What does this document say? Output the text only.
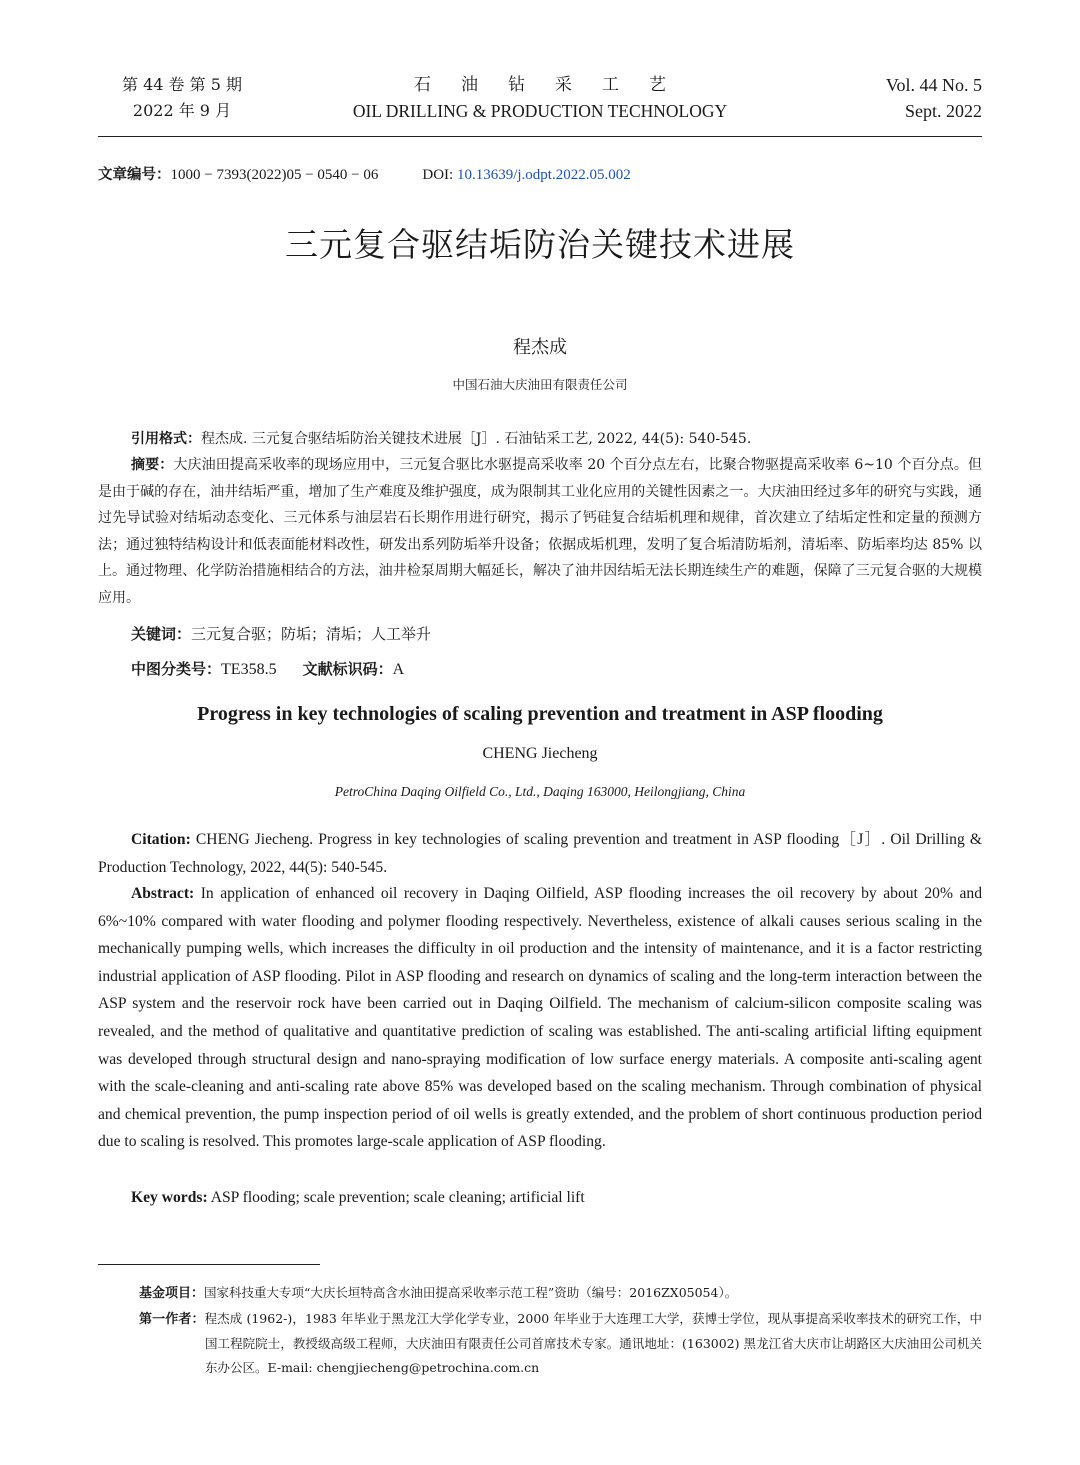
第 44 卷 第 5 期
2022 年 9 月
石油钻采工艺
OIL DRILLING & PRODUCTION TECHNOLOGY
Vol. 44 No. 5
Sept. 2022
文章编号：1000 − 7393(2022)05 − 0540 − 06	DOI: 10.13639/j.odpt.2022.05.002
三元复合驱结垢防治关键技术进展
程杰成
中国石油大庆油田有限责任公司
引用格式：程杰成. 三元复合驱结垢防治关键技术进展［J］. 石油钻采工艺, 2022, 44(5): 540-545.
摘要：大庆油田提高采收率的现场应用中，三元复合驱比水驱提高采收率 20 个百分点左右，比聚合物驱提高采收率 6~10 个百分点。但是由于碱的存在，油井结垢严重，增加了生产难度及维护强度，成为限制其工业化应用的关键性因素之一。大庆油田经过多年的研究与实践，通过先导试验对结垢动态变化、三元体系与油层岩石长期作用进行研究，揭示了钙硅复合结垢机理和规律，首次建立了结垢定性和定量的预测方法；通过独特结构设计和低表面能材料改性，研发出系列防垢举升设备；依据成垢机理，发明了复合垢清防垢剂，清垢率、防垢率均达 85% 以上。通过物理、化学防治措施相结合的方法，油井检泵周期大幅延长，解决了油井因结垢无法长期连续生产的难题，保障了三元复合驱的大规模应用。
关键词：三元复合驱；防垢；清垢；人工举升
中图分类号：TE358.5 文献标识码：A
Progress in key technologies of scaling prevention and treatment in ASP flooding
CHENG Jiecheng
PetroChina Daqing Oilfield Co., Ltd., Daqing 163000, Heilongjiang, China
Citation: CHENG Jiecheng. Progress in key technologies of scaling prevention and treatment in ASP flooding［J］. Oil Drilling & Production Technology, 2022, 44(5): 540-545.
Abstract: In application of enhanced oil recovery in Daqing Oilfield, ASP flooding increases the oil recovery by about 20% and 6%~10% compared with water flooding and polymer flooding respectively. Nevertheless, existence of alkali causes serious scaling in the mechanically pumping wells, which increases the difficulty in oil production and the intensity of maintenance, and it is a factor restricting industrial application of ASP flooding. Pilot in ASP flooding and research on dynamics of scaling and the long-term interaction between the ASP system and the reservoir rock have been carried out in Daqing Oilfield. The mechanism of calcium-silicon composite scaling was revealed, and the method of qualitative and quantitative prediction of scaling was established. The anti-scaling artificial lifting equipment was developed through structural design and nano-spraying modification of low surface energy materials. A composite anti-scaling agent with the scale-cleaning and anti-scaling rate above 85% was developed based on the scaling mechanism. Through combination of physical and chemical prevention, the pump inspection period of oil wells is greatly extended, and the problem of short continuous production period due to scaling is resolved. This promotes large-scale application of ASP flooding.
Key words: ASP flooding; scale prevention; scale cleaning; artificial lift
基金项目：国家科技重大专项“大庆长垣特高含水油田提高采收率示范工程”资助（编号：2016ZX05054）。
第一作者：程杰成 (1962-)，1983 年毕业于黑龙江大学化学专业，2000 年毕业于大连理工大学，获博士学位，现从事提高采收率技术的研究工作，中国工程院院士，教授级高级工程师，大庆油田有限责任公司首席技术专家。通讯地址：(163002) 黑龙江省大庆市让胡路区大庆油田公司机关东办公区。E-mail: chengjiecheng@petrochina.com.cn
